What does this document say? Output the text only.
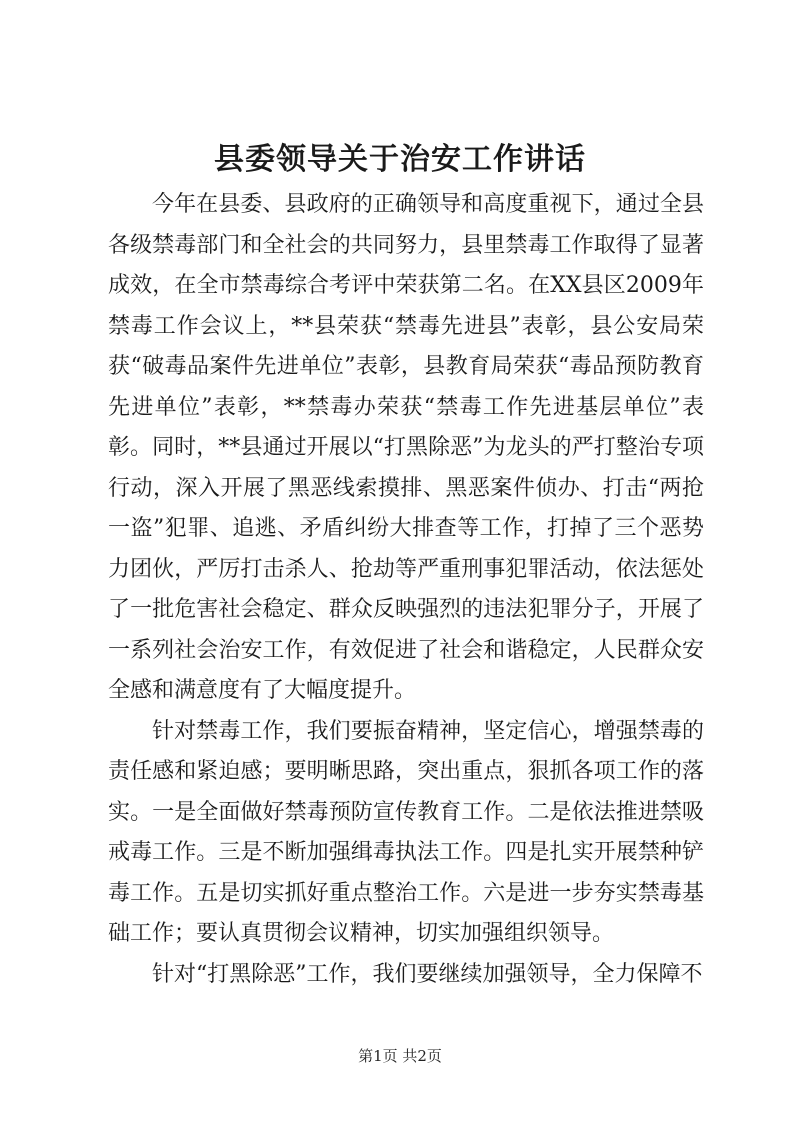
县委领导关于治安工作讲话

今年在县委、县政府的正确领导和高度重视下，通过全县各级禁毒部门和全社会的共同努力，县里禁毒工作取得了显著成效，在全市禁毒综合考评中荣获第二名。在XX县区2009年禁毒工作会议上，**县荣获“禁毒先进县”表彰，县公安局荣获“破毒品案件先进单位”表彰，县教育局荣获“毒品预防教育先进单位”表彰，**禁毒办荣获“禁毒工作先进基层单位”表彰。同时，**县通过开展以“打黑除恶”为龙头的严打整治专项行动，深入开展了黑恶线索摸排、黑恶案件侦办、打击“两抢一盗”犯罪、追逃、矛盾纠纷大排查等工作，打掉了三个恶势力团伙，严厉打击杀人、抢劫等严重刑事犯罪活动，依法惩处了一批危害社会稳定、群众反映强烈的违法犯罪分子，开展了一系列社会治安工作，有效促进了社会和谐稳定，人民群众安全感和满意度有了大幅度提升。

针对禁毒工作，我们要振奋精神，坚定信心，增强禁毒的责任感和紧迫感；要明晰思路，突出重点，狠抓各项工作的落实。一是全面做好禁毒预防宣传教育工作。二是依法推进禁吸戒毒工作。三是不断加强缉毒执法工作。四是扎实开展禁种铲毒工作。五是切实抓好重点整治工作。六是进一步夯实禁毒基础工作；要认真贯彻会议精神，切实加强组织领导。

针对“打黑除恶”工作，我们要继续加强领导，全力保障不

第1页 共2页
